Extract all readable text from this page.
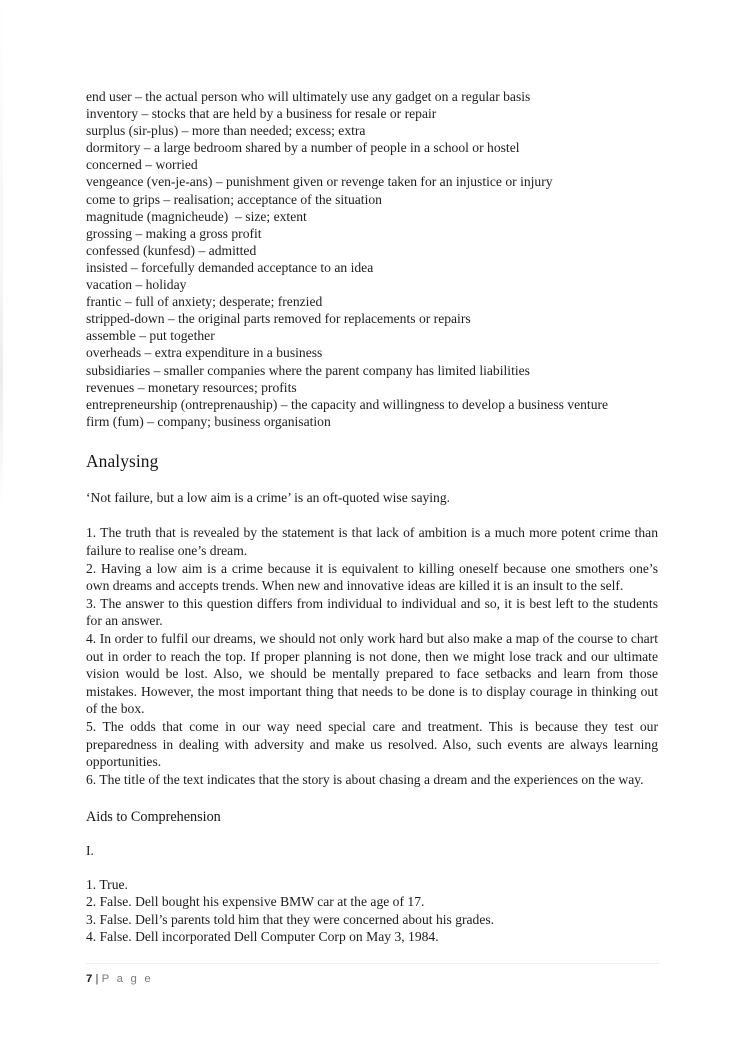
end user – the actual person who will ultimately use any gadget on a regular basis
inventory – stocks that are held by a business for resale or repair
surplus (sir-plus) – more than needed; excess; extra
dormitory – a large bedroom shared by a number of people in a school or hostel
concerned – worried
vengeance (ven-je-ans) – punishment given or revenge taken for an injustice or injury
come to grips – realisation; acceptance of the situation
magnitude (magnicheude)  – size; extent
grossing – making a gross profit
confessed (kunfesd) – admitted
insisted – forcefully demanded acceptance to an idea
vacation – holiday
frantic – full of anxiety; desperate; frenzied
stripped-down – the original parts removed for replacements or repairs
assemble – put together
overheads – extra expenditure in a business
subsidiaries – smaller companies where the parent company has limited liabilities
revenues – monetary resources; profits
entrepreneurship (ontreprenauship) – the capacity and willingness to develop a business venture
firm (fum) – company; business organisation
Analysing

‘Not failure, but a low aim is a crime’ is an oft-quoted wise saying.

1. The truth that is revealed by the statement is that lack of ambition is a much more potent crime than failure to realise one’s dream.

2. Having a low aim is a crime because it is equivalent to killing oneself because one smothers one’s own dreams and accepts trends. When new and innovative ideas are killed it is an insult to the self.

3. The answer to this question differs from individual to individual and so, it is best left to the students for an answer.

4. In order to fulfil our dreams, we should not only work hard but also make a map of the course to chart out in order to reach the top. If proper planning is not done, then we might lose track and our ultimate vision would be lost. Also, we should be mentally prepared to face setbacks and learn from those mistakes. However, the most important thing that needs to be done is to display courage in thinking out of the box.

5. The odds that come in our way need special care and treatment. This is because they test our preparedness in dealing with adversity and make us resolved. Also, such events are always learning opportunities.

6. The title of the text indicates that the story is about chasing a dream and the experiences on the way.

Aids to Comprehension
I.
1. True.
2. False. Dell bought his expensive BMW car at the age of 17.
3. False. Dell’s parents told him that they were concerned about his grades.
4. False. Dell incorporated Dell Computer Corp on May 3, 1984.
7 | P a g e
